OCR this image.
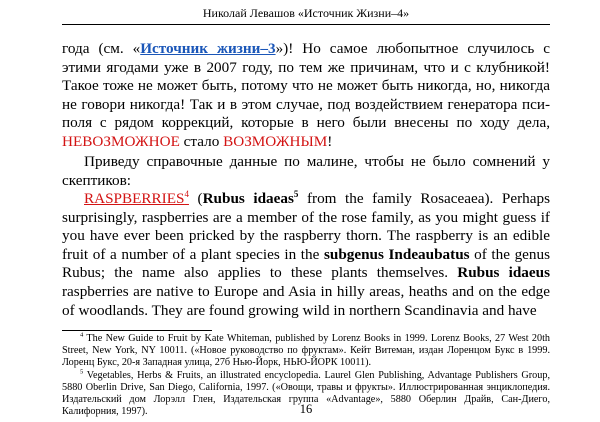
Николай Левашов «Источник Жизни–4»
года (см. «Источник жизни–3»)! Но самое любопытное случилось с этими ягодами уже в 2007 году, по тем же причинам, что и с клубникой! Такое тоже не может быть, потому что не может быть никогда, но, никогда не говори никогда! Так и в этом случае, под воздействием генератора пси-поля с рядом коррекций, которые в него были внесены по ходу дела, НЕВОЗМОЖНОЕ стало ВОЗМОЖНЫМ!
Приведу справочные данные по малине, чтобы не было сомнений у скептиков:
RASPBERRIES$^4$ (Rubus idaeas$^5$ from the family Rosaceaea). Perhaps surprisingly, raspberries are a member of the rose family, as you might guess if you have ever been pricked by the raspberry thorn. The raspberry is an edible fruit of a number of a plant species in the subgenus Indeaubatus of the genus Rubus; the name also applies to these plants themselves. Rubus idaeus raspberries are native to Europe and Asia in hilly areas, heaths and on the edge of woodlands. They are found growing wild in northern Scandinavia and have
$^4$ The New Guide to Fruit by Kate Whiteman, published by Lorenz Books in 1999. Lorenz Books, 27 West 20th Street, New York, NY 10011. («Новое руководство по фруктам». Кейт Витеман, издан Лоренцом Букс в 1999. Лоренц Букс, 20-я Западная улица, 27б Нью-Йорк, НЬЮ-ЙОРК 10011).
$^5$ Vegetables, Herbs & Fruits, an illustrated encyclopedia. Laurel Glen Publishing, Advantage Publishers Group, 5880 Oberlin Drive, San Diego, California, 1997. («Овощи, травы и фрукты». Иллюстрированная энциклопедия. Издательский дом Лорэлл Глен, Издательская группа «Advantage», 5880 Оберлин Драйв, Сан-Диего, Калифорния, 1997).	16
